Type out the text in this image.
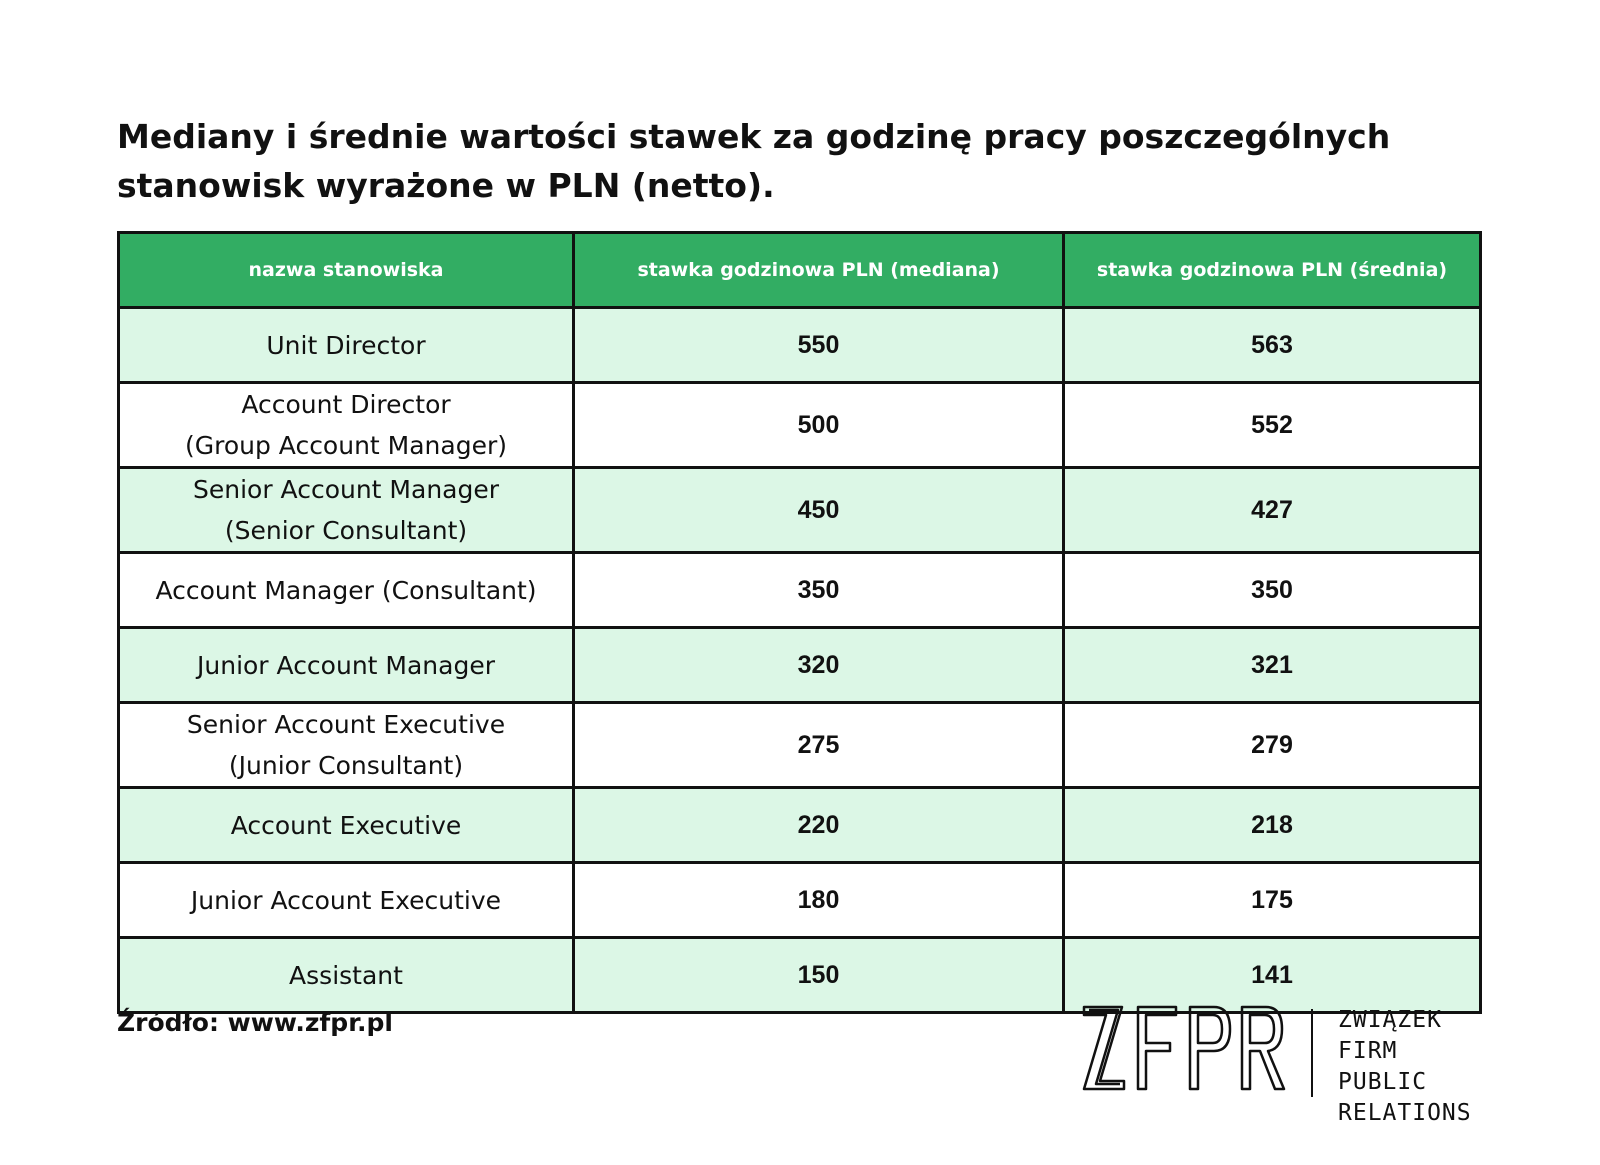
Mediany i średnie wartości stawek za godzinę pracy poszczególnych
stanowisk wyrażone w PLN (netto).
nazwa stanowiska	stawka godzinowa PLN (mediana)	stawka godzinowa PLN (średnia)

Unit Director	550	563

Account Director
(Group Account Manager)	500	552

Senior Account Manager
(Senior Consultant)	450	427

Account Manager (Consultant)	350	350

Junior Account Manager	320	321

Senior Account Executive
(Junior Consultant)	275	279

Account Executive	220	218

Junior Account Executive	180	175

Assistant	150	141
Źródło: www.zfpr.pl	ZWIĄZEK FIRM
PUBLIC
RELATIONS
